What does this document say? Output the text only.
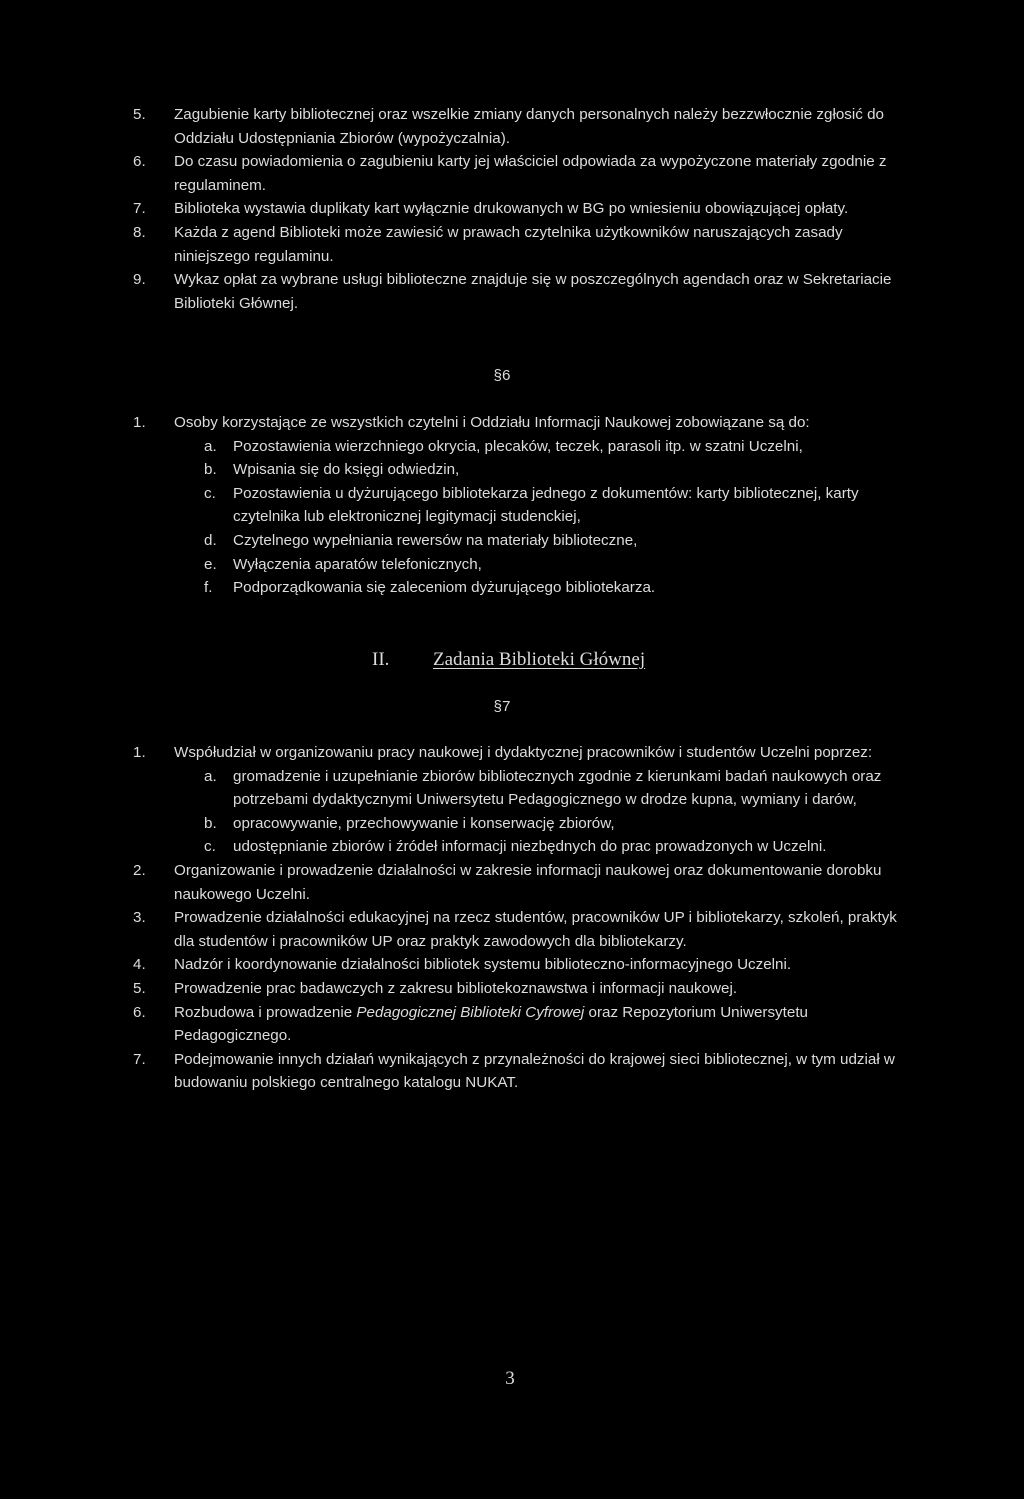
5.	Zagubienie karty bibliotecznej oraz wszelkie zmiany danych personalnych należy bezzwłocznie zgłosić do Oddziału Udostępniania Zbiorów (wypożyczalnia).

6.	Do czasu powiadomienia o zagubieniu karty jej właściciel odpowiada za wypożyczone materiały zgodnie z regulaminem.

7.	Biblioteka wystawia duplikaty kart wyłącznie drukowanych w BG po wniesieniu obowiązującej opłaty.

8.	Każda z agend Biblioteki może zawiesić w prawach czytelnika użytkowników naruszających zasady niniejszego regulaminu.

9.	Wykaz opłat za wybrane usługi biblioteczne znajduje się w poszczególnych agendach oraz w Sekretariacie Biblioteki Głównej.

§6

1.	Osoby korzystające ze wszystkich czytelni i Oddziału Informacji Naukowej zobowiązane są do:

a. Pozostawienia wierzchniego okrycia, plecaków, teczek, parasoli itp. w szatni Uczelni,

b. Wpisania się do księgi odwiedzin,

c. Pozostawienia u dyżurującego bibliotekarza jednego z dokumentów: karty bibliotecznej, karty czytelnika lub elektronicznej legitymacji studenckiej,

d. Czytelnego wypełniania rewersów na materiały biblioteczne,

e. Wyłączenia aparatów telefonicznych,

f. Podporządkowania się zaleceniom dyżurującego bibliotekarza.

II. Zadania Biblioteki Głównej
§7

1.	Współudział w organizowaniu pracy naukowej i dydaktycznej pracowników i studentów Uczelni poprzez:

a. gromadzenie i uzupełnianie zbiorów bibliotecznych zgodnie z kierunkami badań naukowych oraz potrzebami dydaktycznymi Uniwersytetu Pedagogicznego w drodze kupna, wymiany i darów,

b. opracowywanie, przechowywanie i konserwację zbiorów,

c. udostępnianie zbiorów i źródeł informacji niezbędnych do prac prowadzonych w Uczelni.

2.	Organizowanie i prowadzenie działalności w zakresie informacji naukowej oraz dokumentowanie dorobku naukowego Uczelni.

3.	Prowadzenie działalności edukacyjnej na rzecz studentów, pracowników UP i bibliotekarzy, szkoleń, praktyk dla studentów i pracowników UP oraz praktyk zawodowych dla bibliotekarzy.

4.	Nadzór i koordynowanie działalności bibliotek systemu biblioteczno-informacyjnego Uczelni.

5.	Prowadzenie prac badawczych z zakresu bibliotekoznawstwa i informacji naukowej.

6.	Rozbudowa i prowadzenie Pedagogicznej Biblioteki Cyfrowej oraz Repozytorium Uniwersytetu Pedagogicznego.

7.	Podejmowanie innych działań wynikających z przynależności do krajowej sieci bibliotecznej, w tym udział w budowaniu polskiego centralnego katalogu NUKAT.

3
